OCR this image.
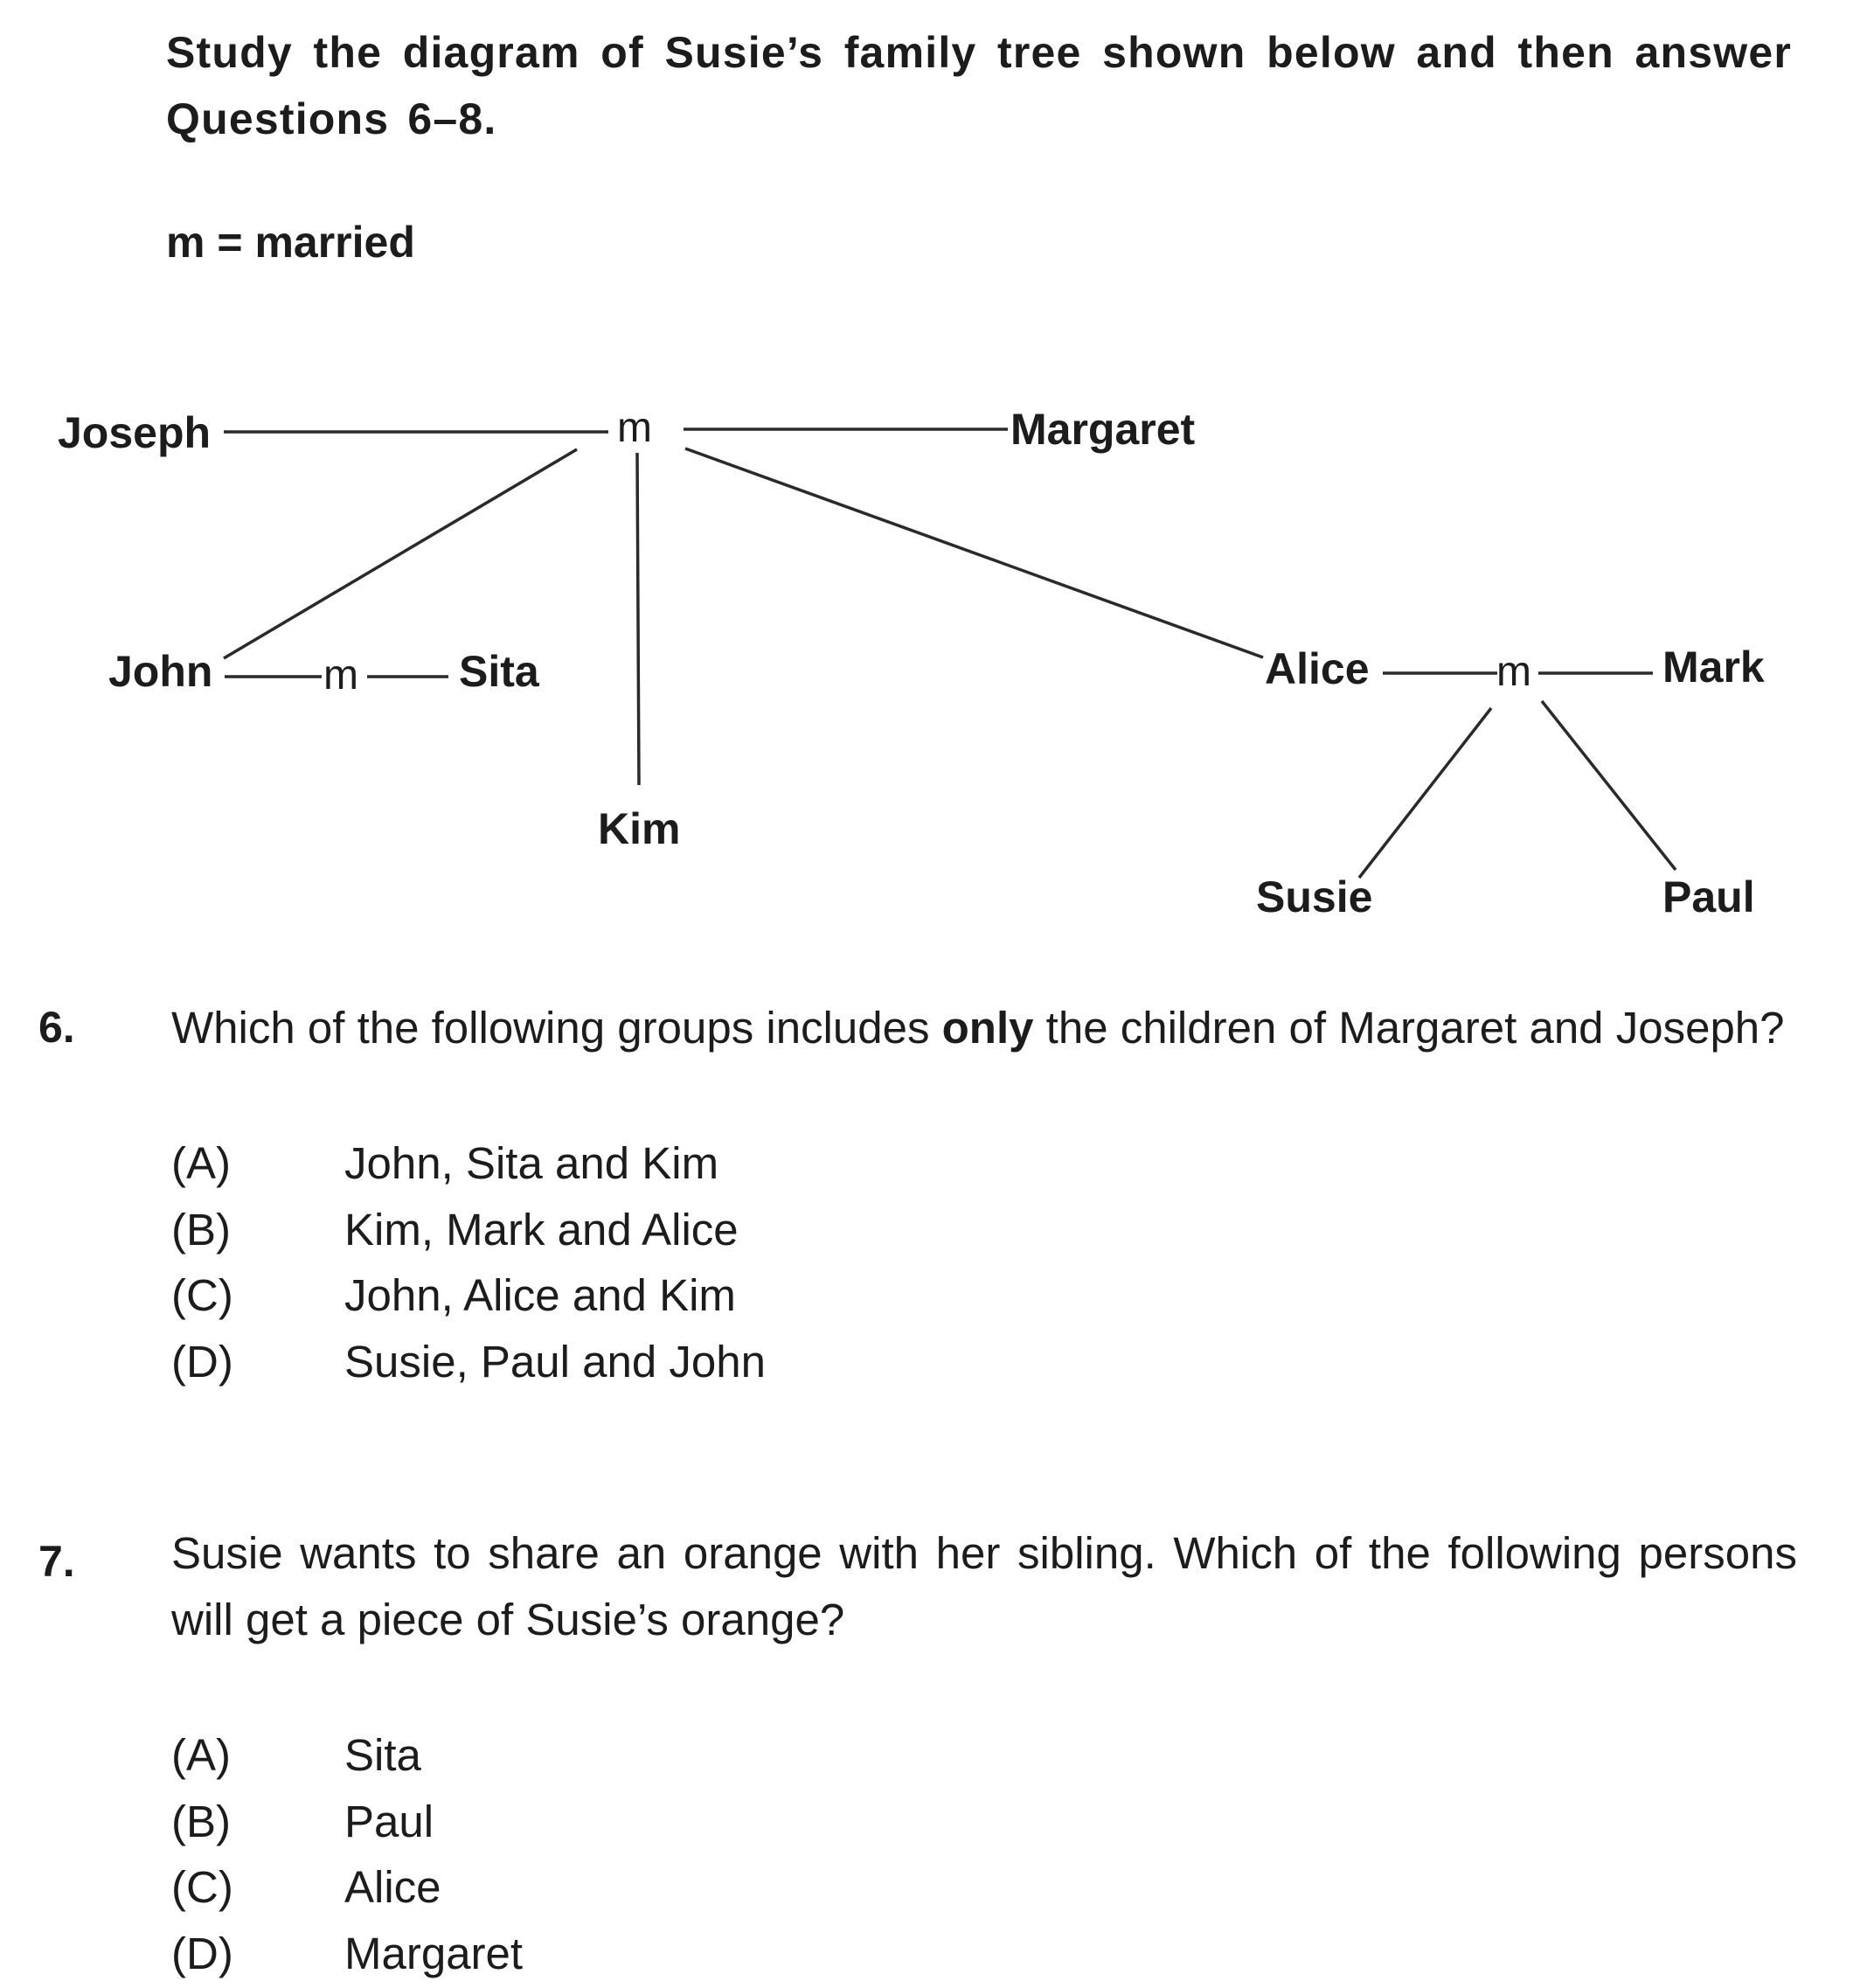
Study the diagram of Susie’s family tree shown below and then answer Questions 6–8.
m = married
Joseph	Margaret
John	Sita
Kim
Alice	Mark
Susie	Paul
m
m	m
6. Which of the following groups includes only the children of Margaret and Joseph?
(A)	John, Sita and Kim
(B)	Kim, Mark and Alice
(C) John, Alice and Kim
(D) Susie, Paul and John
7. Susie wants to share an orange with her sibling. Which of the following persons will get a piece of Susie’s orange?
(A)	Sita
(B)	Paul
(C) Alice
(D) Margaret
